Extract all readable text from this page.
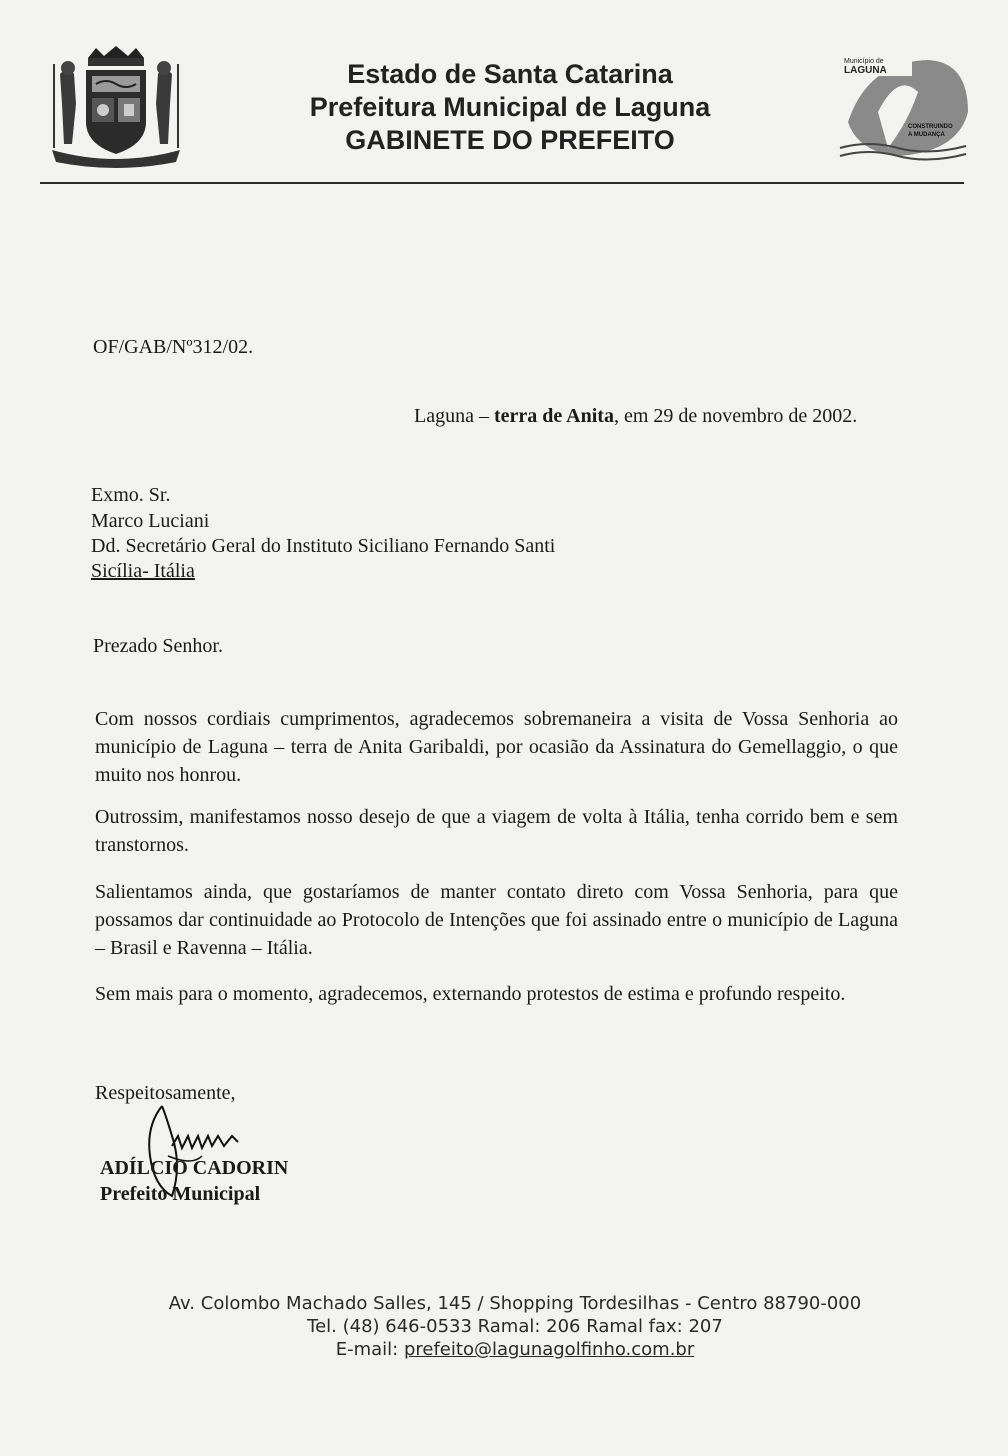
Estado de Santa Catarina
Prefeitura Municipal de Laguna
GABINETE DO PREFEITO
Município de
LAGUNA
CONSTRUINDO
A MUDANÇA
OF/GAB/Nº312/02.
Laguna – terra de Anita, em 29 de novembro de 2002.
Exmo. Sr.
Marco Luciani
Dd. Secretário Geral do Instituto Siciliano Fernando Santi
Sicília- Itália
Prezado Senhor.
Com nossos cordiais cumprimentos, agradecemos sobremaneira a visita de Vossa Senhoria ao município de Laguna – terra de Anita Garibaldi, por ocasião da Assinatura do Gemellaggio, o que muito nos honrou.
Outrossim, manifestamos nosso desejo de que a viagem de volta à Itália, tenha corrido bem e sem transtornos.
Salientamos ainda, que gostaríamos de manter contato direto com Vossa Senhoria, para que possamos dar continuidade ao Protocolo de Intenções que foi assinado entre o município de Laguna – Brasil e Ravenna – Itália.
Sem mais para o momento, agradecemos, externando protestos de estima e profundo respeito.
Respeitosamente,
ADÍLCIO CADORIN
Prefeito Municipal
Av. Colombo Machado Salles, 145 / Shopping Tordesilhas - Centro 88790-000
Tel. (48) 646-0533 Ramal: 206 Ramal fax: 207
E-mail: prefeito@lagunagolfinho.com.br
